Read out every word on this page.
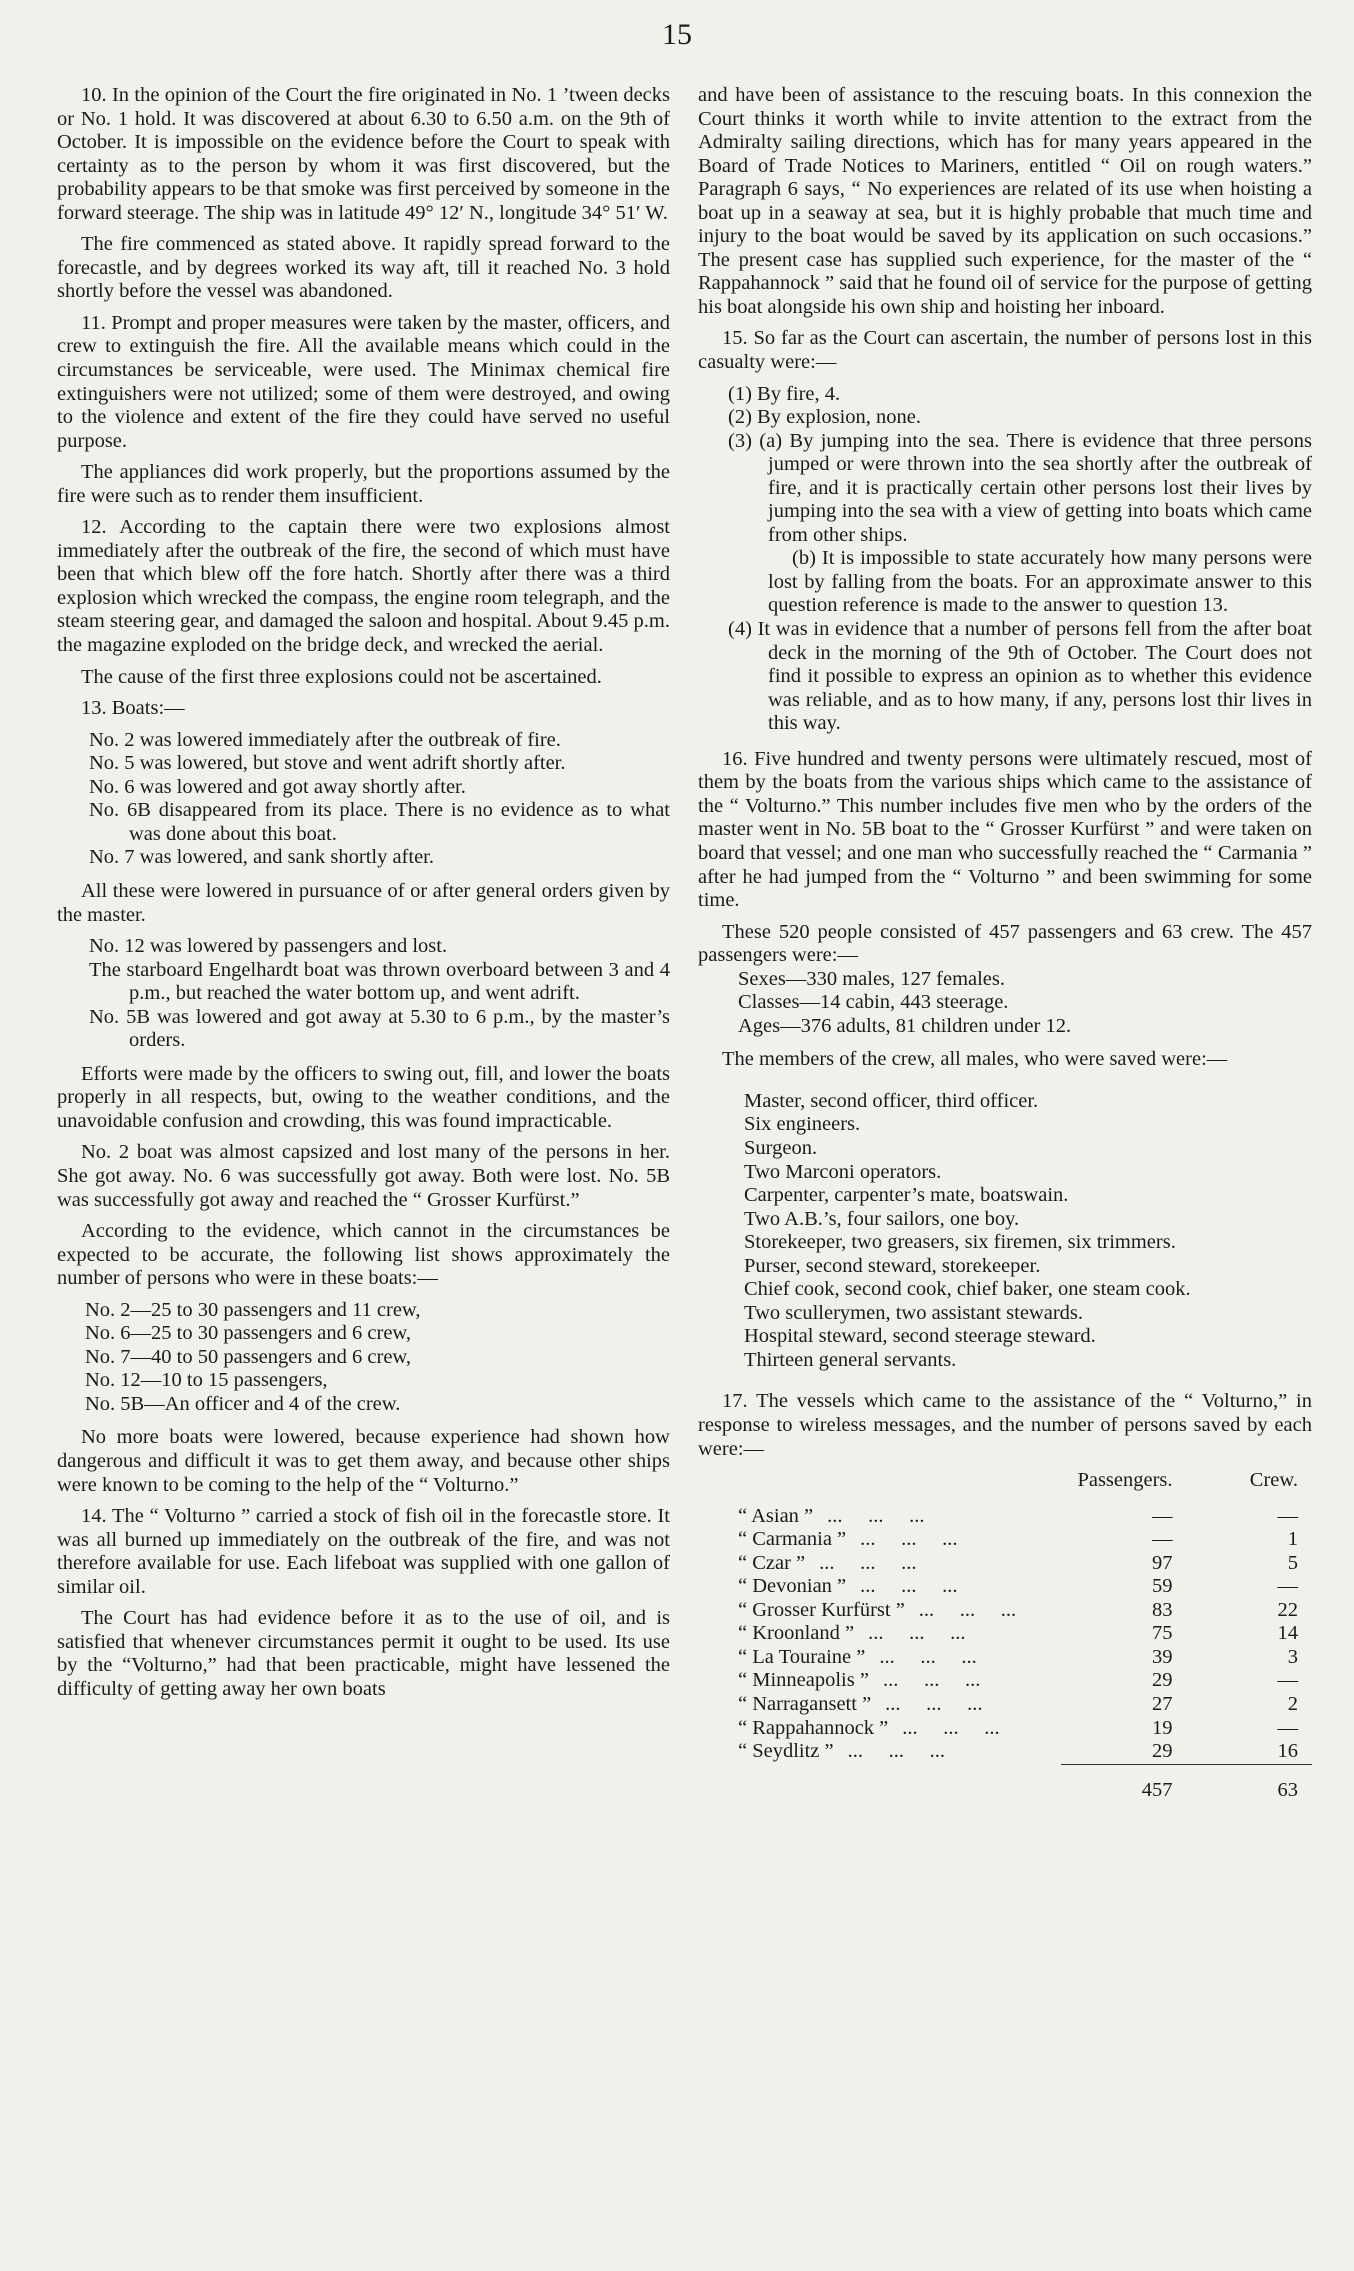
15

10. In the opinion of the Court the fire originated in No. 1 ’tween decks or No. 1 hold. It was discovered at about 6.30 to 6.50 a.m. on the 9th of October. It is impossible on the evidence before the Court to speak with certainty as to the person by whom it was first discovered, but the probability appears to be that smoke was first perceived by someone in the forward steerage. The ship was in latitude 49° 12′ N., longitude 34° 51′ W.

The fire commenced as stated above. It rapidly spread forward to the forecastle, and by degrees worked its way aft, till it reached No. 3 hold shortly before the vessel was abandoned.

11. Prompt and proper measures were taken by the master, officers, and crew to extinguish the fire. All the available means which could in the circumstances be serviceable, were used. The Minimax chemical fire extinguishers were not utilized; some of them were destroyed, and owing to the violence and extent of the fire they could have served no useful purpose.

The appliances did work properly, but the proportions assumed by the fire were such as to render them insufficient.

12. According to the captain there were two explosions almost immediately after the outbreak of the fire, the second of which must have been that which blew off the fore hatch. Shortly after there was a third explosion which wrecked the compass, the engine room telegraph, and the steam steering gear, and damaged the saloon and hospital. About 9.45 p.m. the magazine exploded on the bridge deck, and wrecked the aerial.

The cause of the first three explosions could not be ascertained.

13. Boats:—
No. 2 was lowered immediately after the outbreak of fire.
No. 5 was lowered, but stove and went adrift shortly after.
No. 6 was lowered and got away shortly after.
No. 6B disappeared from its place. There is no evidence as to what was done about this boat.
No. 7 was lowered, and sank shortly after.

All these were lowered in pursuance of or after general orders given by the master.

No. 12 was lowered by passengers and lost.
The starboard Engelhardt boat was thrown overboard between 3 and 4 p.m., but reached the water bottom up, and went adrift.
No. 5B was lowered and got away at 5.30 to 6 p.m., by the master’s orders.

Efforts were made by the officers to swing out, fill, and lower the boats properly in all respects, but, owing to the weather conditions, and the unavoidable confusion and crowding, this was found impracticable.

No. 2 boat was almost capsized and lost many of the persons in her. She got away. No. 6 was successfully got away. Both were lost. No. 5B was successfully got away and reached the “ Grosser Kurfürst.”

According to the evidence, which cannot in the circumstances be expected to be accurate, the following list shows approximately the number of persons who were in these boats:—

No. 2—25 to 30 passengers and 11 crew,
No. 6—25 to 30 passengers and 6 crew,
No. 7—40 to 50 passengers and 6 crew,
No. 12—10 to 15 passengers,
No. 5B—An officer and 4 of the crew.

No more boats were lowered, because experience had shown how dangerous and difficult it was to get them away, and because other ships were known to be coming to the help of the “ Volturno.”

14. The “ Volturno ” carried a stock of fish oil in the forecastle store. It was all burned up immediately on the outbreak of the fire, and was not therefore available for use. Each lifeboat was supplied with one gallon of similar oil.

The Court has had evidence before it as to the use of oil, and is satisfied that whenever circumstances permit it ought to be used. Its use by the “Volturno,” had that been practicable, might have lessened the difficulty of getting away her own boats

and have been of assistance to the rescuing boats. In this connexion the Court thinks it worth while to invite attention to the extract from the Admiralty sailing directions, which has for many years appeared in the Board of Trade Notices to Mariners, entitled “ Oil on rough waters.” Paragraph 6 says, “ No experiences are related of its use when hoisting a boat up in a seaway at sea, but it is highly probable that much time and injury to the boat would be saved by its application on such occasions.” The present case has supplied such experience, for the master of the “ Rappahannock ” said that he found oil of service for the purpose of getting his boat alongside his own ship and hoisting her inboard.

15. So far as the Court can ascertain, the number of persons lost in this casualty were:—

(1) By fire, 4.
(2) By explosion, none.
(3) (a) By jumping into the sea. There is evidence that three persons jumped or were thrown into the sea shortly after the outbreak of fire, and it is practically certain other persons lost their lives by jumping into the sea with a view of getting into boats which came from other ships.
(b) It is impossible to state accurately how many persons were lost by falling from the boats. For an approximate answer to this question reference is made to the answer to question 13.
(4) It was in evidence that a number of persons fell from the after boat deck in the morning of the 9th of October. The Court does not find it possible to express an opinion as to whether this evidence was reliable, and as to how many, if any, persons lost thir lives in this way.

16. Five hundred and twenty persons were ultimately rescued, most of them by the boats from the various ships which came to the assistance of the “ Volturno.” This number includes five men who by the orders of the master went in No. 5B boat to the “ Grosser Kurfürst ” and were taken on board that vessel; and one man who successfully reached the “ Carmania ” after he had jumped from the “ Volturno ” and been swimming for some time.

These 520 people consisted of 457 passengers and 63 crew. The 457 passengers were:—

Sexes—330 males, 127 females.
Classes—14 cabin, 443 steerage.
Ages—376 adults, 81 children under 12.

The members of the crew, all males, who were saved were:—

Master, second officer, third officer.
Six engineers.
Surgeon.
Two Marconi operators.
Carpenter, carpenter’s mate, boatswain.
Two A.B.’s, four sailors, one boy.
Storekeeper, two greasers, six firemen, six trimmers.
Purser, second steward, storekeeper.
Chief cook, second cook, chief baker, one steam cook.
Two scullerymen, two assistant stewards.
Hospital steward, second steerage steward.
Thirteen general servants.

17. The vessels which came to the assistance of the “ Volturno,” in response to wireless messages, and the number of persons saved by each were:—

	Passengers.	Crew.
“ Asian ” ...     ...     ...	—	—
“ Carmania ” ...     ...     ...	—	1
“ Czar ” ...     ...     ...	97	5
“ Devonian ” ...     ...     ...	59	—
“ Grosser Kurfürst ” ...     ...     ...	83	22
“ Kroonland ” ...     ...     ...	75	14
“ La Touraine ” ...     ...     ...	39	3
“ Minneapolis ” ...     ...     ...	29	—
“ Narragansett ” ...     ...     ...	27	2
“ Rappahannock ” ...     ...     ...	19	—
“ Seydlitz ” ...     ...     ...	29	16
	457	63
